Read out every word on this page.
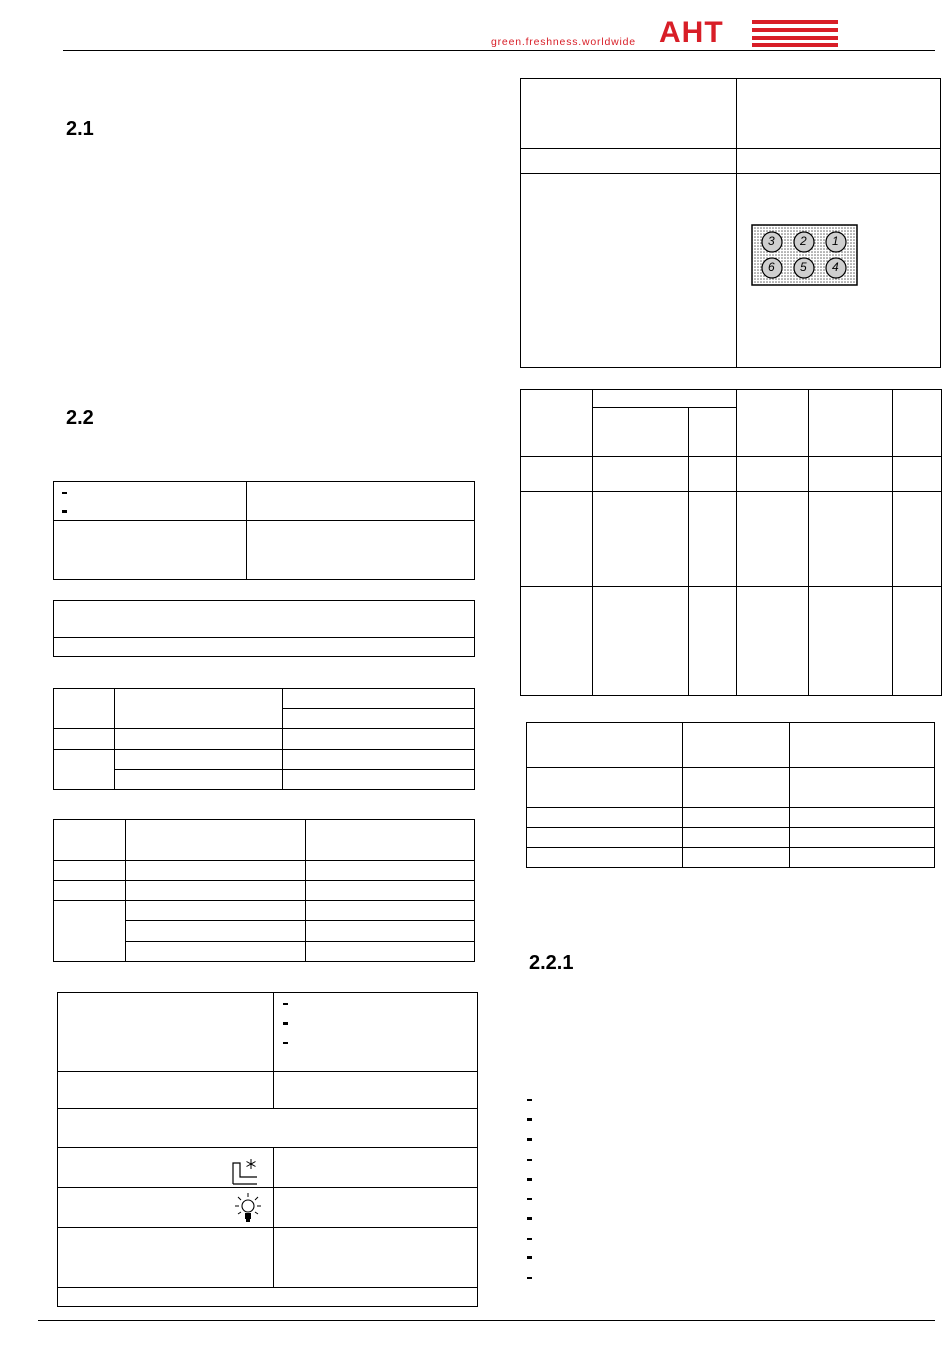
green.freshness.worldwide AHT
2.1
2.2
2.2.1
3 2 1
6 5 4
